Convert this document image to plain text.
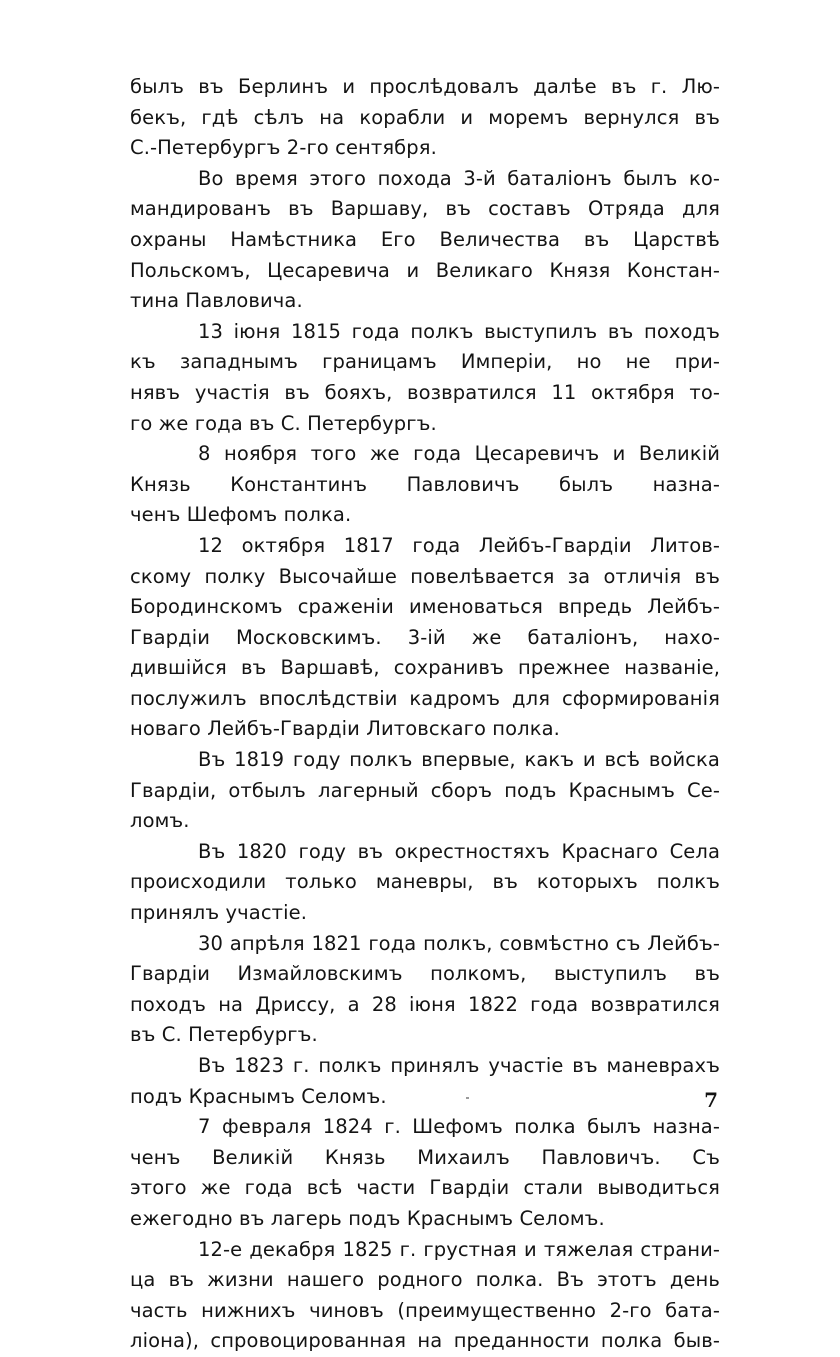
былъ въ Берлинъ и прослѣдовалъ далѣе въ г. Лю-
бекъ, гдѣ сѣлъ на корабли и моремъ вернулся въ
С.-Петербургъ 2-го сентября.
Во время этого похода 3-й баталіонъ былъ ко-
мандированъ въ Варшаву, въ составъ Отряда для
охраны Намѣстника Его Величества въ Царствѣ
Польскомъ, Цесаревича и Великаго Князя Констан-
тина Павловича.
13 іюня 1815 года полкъ выступилъ въ походъ
къ западнымъ границамъ Имперіи, но не при-
нявъ участія въ бояхъ, возвратился 11 октября то-
го же года въ С. Петербургъ.
8 ноября того же года Цесаревичъ и Великій
Князь Константинъ Павловичъ былъ назна-
ченъ Шефомъ полка.
12 октября 1817 года Лейбъ-Гвардіи Литов-
скому полку Высочайше повелѣвается за отличія въ
Бородинскомъ сраженіи именоваться впредь Лейбъ-
Гвардіи Московскимъ. 3-ій же баталіонъ, нахо-
дившійся въ Варшавѣ, сохранивъ прежнее названіе,
послужилъ впослѣдствіи кадромъ для сформированія
новаго Лейбъ-Гвардіи Литовскаго полка.
Въ 1819 году полкъ впервые, какъ и всѣ войска
Гвардіи, отбылъ лагерный сборъ подъ Краснымъ Се-
ломъ.
Въ 1820 году въ окрестностяхъ Краснаго Села
происходили только маневры, въ которыхъ полкъ
принялъ участіе.
30 апрѣля 1821 года полкъ, совмѣстно съ Лейбъ-
Гвардіи Измайловскимъ полкомъ, выступилъ въ
походъ на Дриссу, а 28 іюня 1822 года возвратился
въ С. Петербургъ.
Въ 1823 г. полкъ принялъ участіе въ маневрахъ
подъ Краснымъ Селомъ.
7 февраля 1824 г. Шефомъ полка былъ назна-
ченъ Великій Князь Михаилъ Павловичъ. Съ
этого же года всѣ части Гвардіи стали выводиться
ежегодно въ лагерь подъ Краснымъ Селомъ.
12-е декабря 1825 г. грустная и тяжелая страни-
ца въ жизни нашего родного полка. Въ этотъ день
часть нижнихъ чиновъ (преимущественно 2-го бата-
ліона), спровоцированная на преданности полка быв-
7
